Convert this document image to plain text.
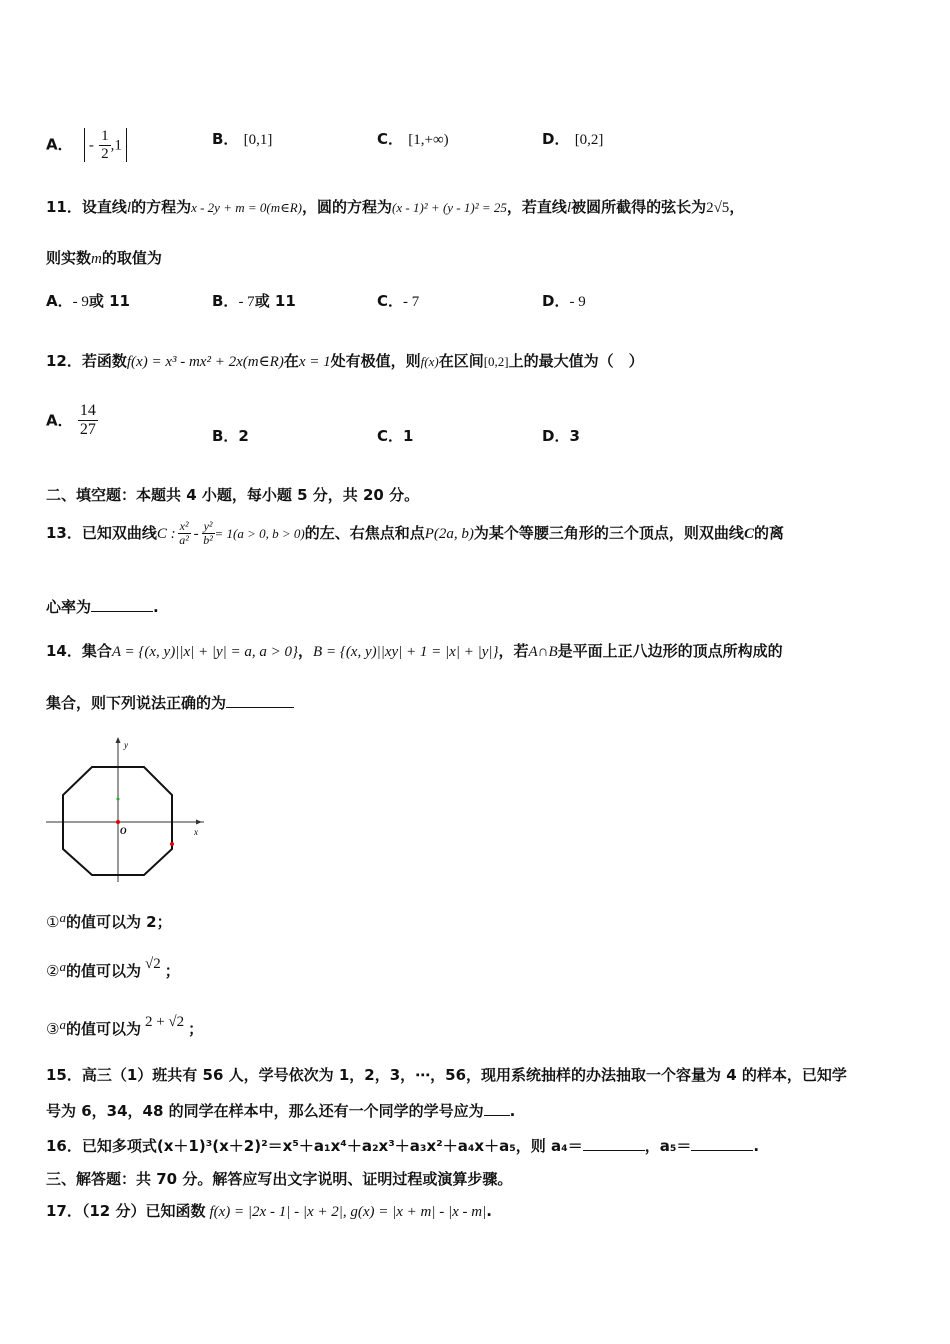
A． - $\frac{1}{2} ,1$	B． [0,1]	C． [1,+∞)	D． [0,2]
11．设直线l的方程为x - 2y + m = 0(m∈R)，圆的方程为(x - 1)² + (y - 1)² = 25，若直线l被圆所截得的弦长为2√5，
则实数m的取值为
A．- 9或 11	B．- 7或 11	C．- 7	D．- 9
12．若函数f(x) = x³ - mx² + 2x(m∈R)在x = 1处有极值，则f(x)在区间[0,2]上的最大值为（　）
A． $\frac{14}{27}$	B．2	C．1	D．3
二、填空题：本题共 4 小题，每小题 5 分，共 20 分。
13．已知双曲线C : $\frac{\text{x²}}{\text{a²}} - \frac{\text{y²}}{\text{b²}} = 1(a > 0$, b > 0)的左、右焦点和点P(2a, b)为某个等腰三角形的三个顶点，则双曲线C的离
心率为	.
14．集合A = {(x, y)||x| + |y| = a, a > 0}，B = {(x, y)||xy| + 1 = |x| + |y|}，若A∩B是平面上正八边形的顶点所构成的
集合，则下列说法正确的为
y
x
O
①a的值可以为 2；
②a的值可以为 √2 ；
③a的值可以为 2 + √2 ；
15．高三（1）班共有 56 人，学号依次为 1，2，3，⋯，56，现用系统抽样的办法抽取一个容量为 4 的样本，已知学
号为 6，34，48 的同学在样本中，那么还有一个同学的学号应为 .
16．已知多项式(x＋1)³(x＋2)²＝x⁵＋a₁x⁴＋a₂x³＋a₃x²＋a₄x＋a₅，则 a₄＝	，a₅＝	.
三、解答题：共 70 分。解答应写出文字说明、证明过程或演算步骤。
17．（12 分）已知函数 f(x) = |2x - 1| - |x + 2|, g(x) = |x + m| - |x - m|.
